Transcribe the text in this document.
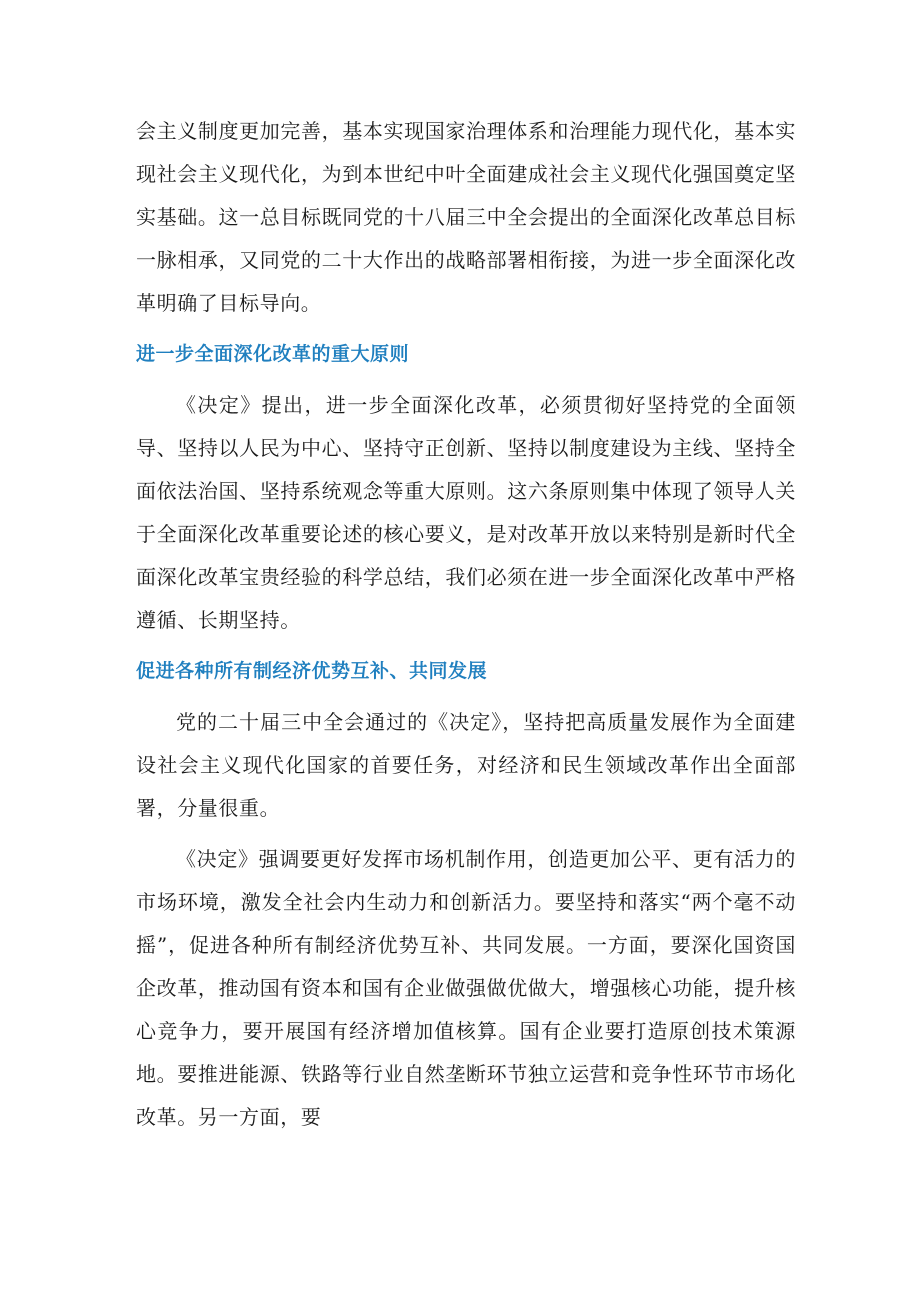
会主义制度更加完善，基本实现国家治理体系和治理能力现代化，基本实现社会主义现代化，为到本世纪中叶全面建成社会主义现代化强国奠定坚实基础。这一总目标既同党的十八届三中全会提出的全面深化改革总目标一脉相承，又同党的二十大作出的战略部署相衔接，为进一步全面深化改革明确了目标导向。

进一步全面深化改革的重大原则

《决定》提出，进一步全面深化改革，必须贯彻好坚持党的全面领导、坚持以人民为中心、坚持守正创新、坚持以制度建设为主线、坚持全面依法治国、坚持系统观念等重大原则。这六条原则集中体现了领导人关于全面深化改革重要论述的核心要义，是对改革开放以来特别是新时代全面深化改革宝贵经验的科学总结，我们必须在进一步全面深化改革中严格遵循、长期坚持。

促进各种所有制经济优势互补、共同发展

党的二十届三中全会通过的《决定》，坚持把高质量发展作为全面建设社会主义现代化国家的首要任务，对经济和民生领域改革作出全面部署，分量很重。

《决定》强调要更好发挥市场机制作用，创造更加公平、更有活力的市场环境，激发全社会内生动力和创新活力。要坚持和落实“两个毫不动摇”，促进各种所有制经济优势互补、共同发展。一方面，要深化国资国企改革，推动国有资本和国有企业做强做优做大，增强核心功能，提升核心竞争力，要开展国有经济增加值核算。国有企业要打造原创技术策源地。要推进能源、铁路等行业自然垄断环节独立运营和竞争性环节市场化改革。另一方面，要
